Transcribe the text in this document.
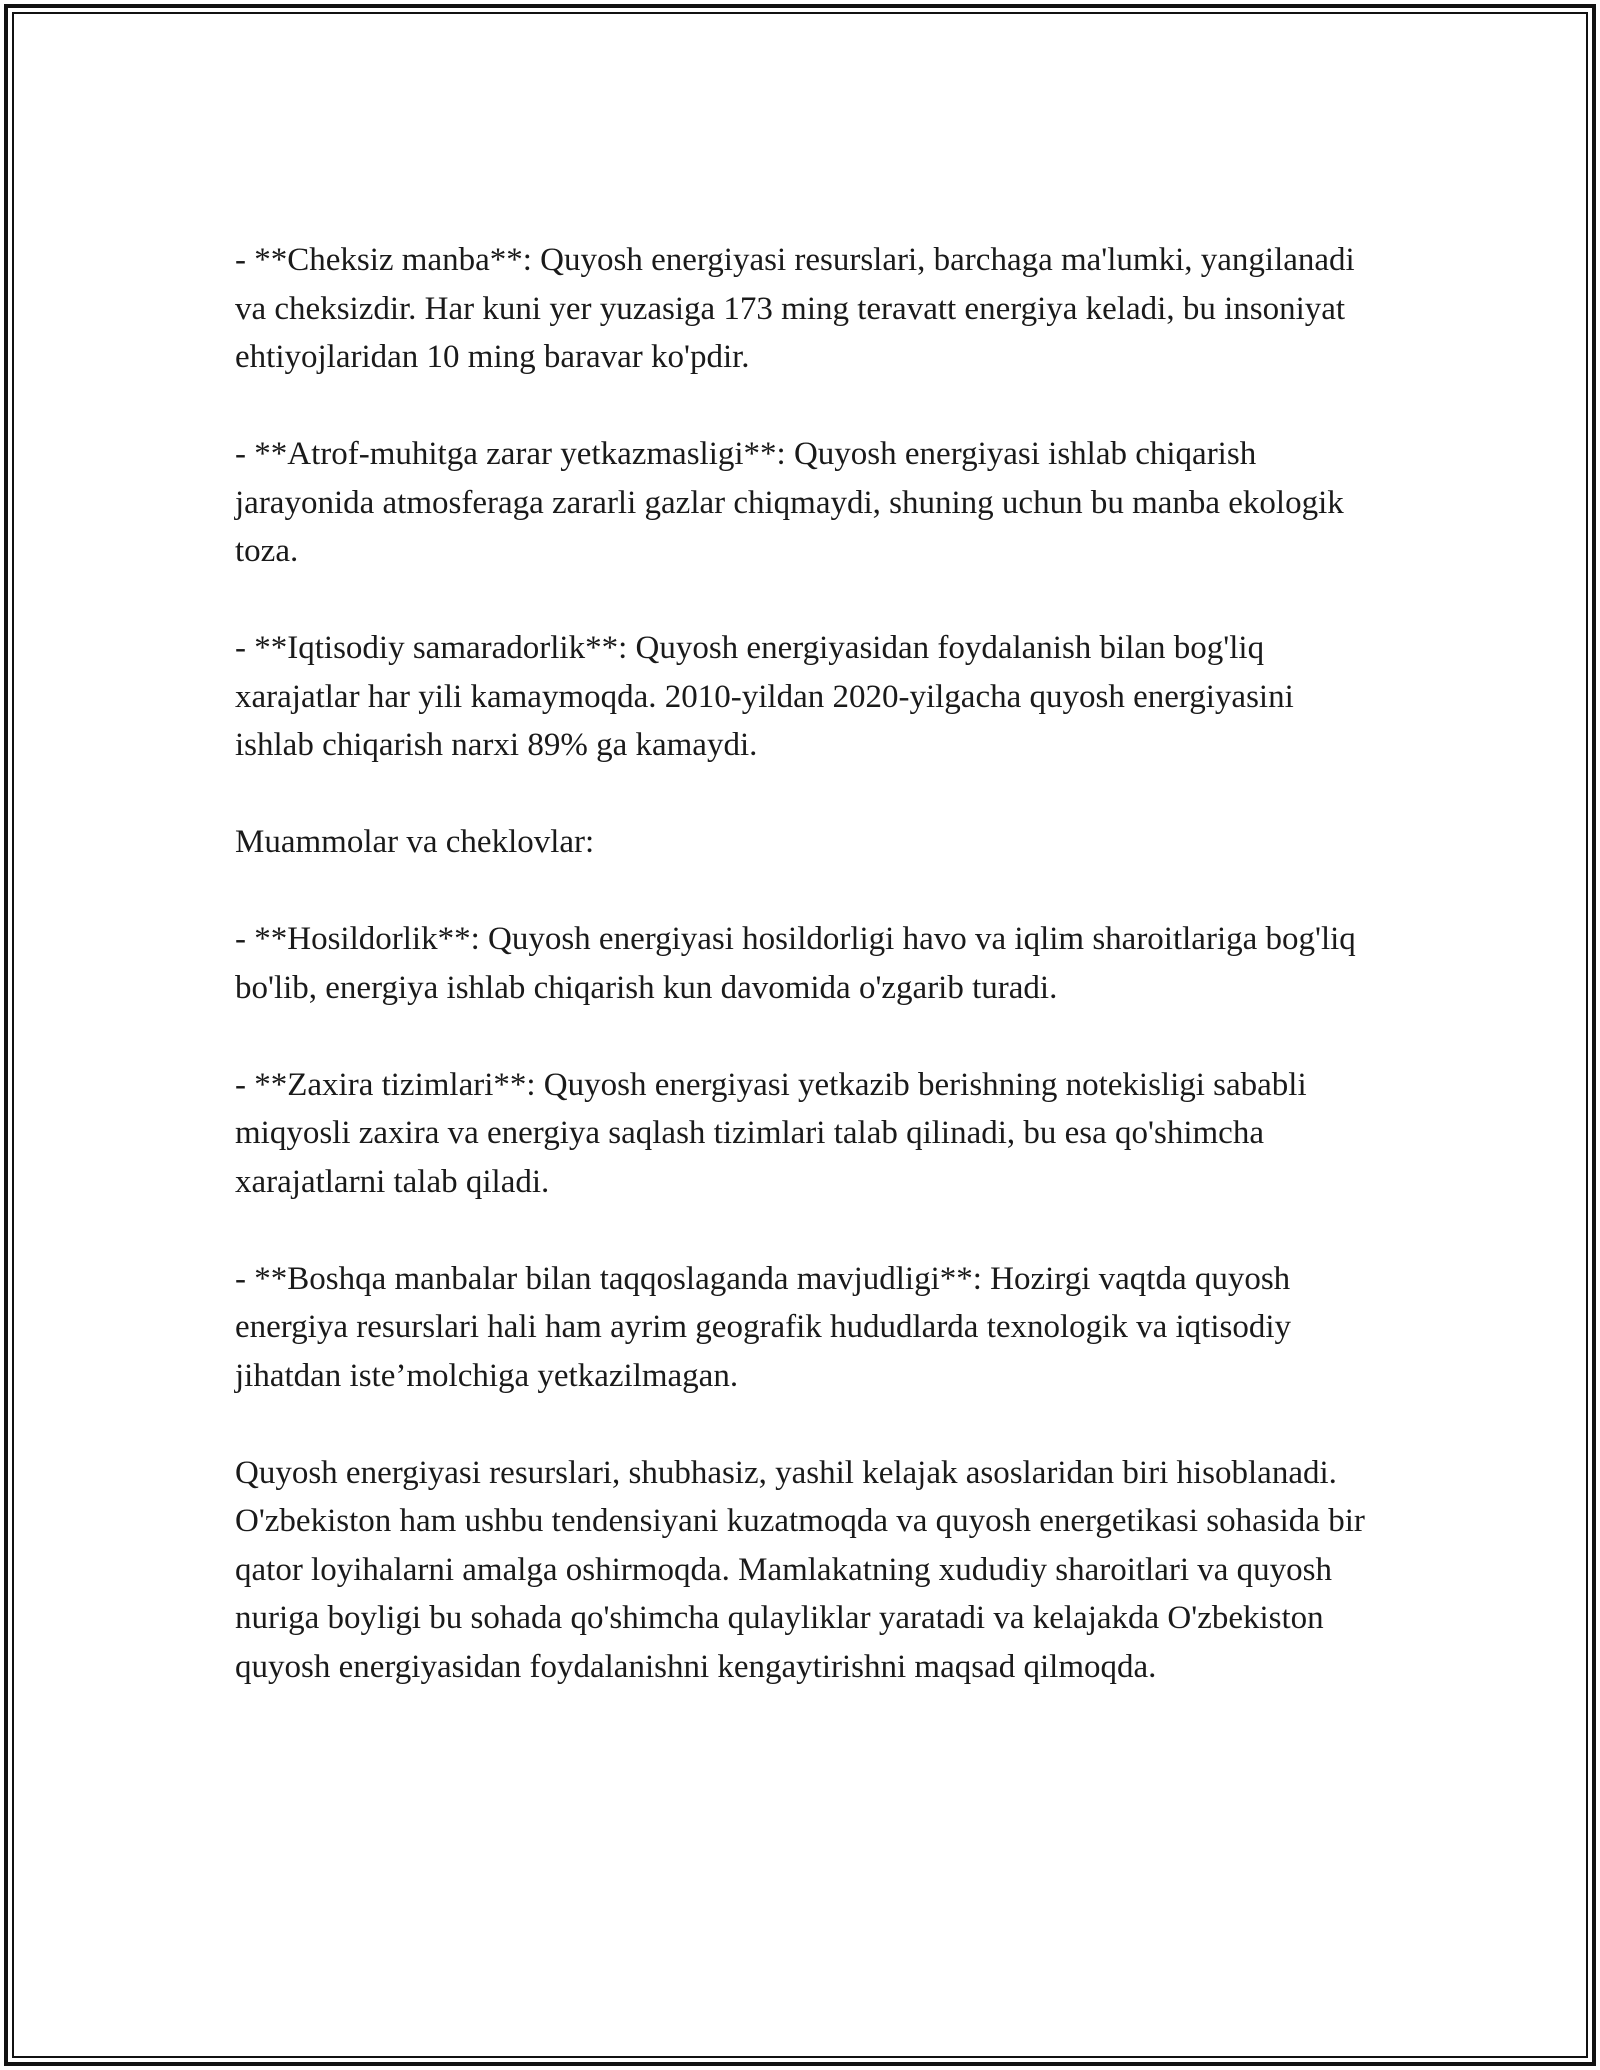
- **Cheksiz manba**: Quyosh energiyasi resurslari, barchaga ma'lumki, yangilanadi va cheksizdir. Har kuni yer yuzasiga 173 ming teravatt energiya keladi, bu insoniyat ehtiyojlaridan 10 ming baravar ko'pdir.

- **Atrof-muhitga zarar yetkazmasligi**: Quyosh energiyasi ishlab chiqarish jarayonida atmosferaga zararli gazlar chiqmaydi, shuning uchun bu manba ekologik toza.

- **Iqtisodiy samaradorlik**: Quyosh energiyasidan foydalanish bilan bog'liq xarajatlar har yili kamaymoqda. 2010-yildan 2020-yilgacha quyosh energiyasini ishlab chiqarish narxi 89% ga kamaydi.

Muammolar va cheklovlar:

- **Hosildorlik**: Quyosh energiyasi hosildorligi havo va iqlim sharoitlariga bog'liq bo'lib, energiya ishlab chiqarish kun davomida o'zgarib turadi.

- **Zaxira tizimlari**: Quyosh energiyasi yetkazib berishning notekisligi sababli miqyosli zaxira va energiya saqlash tizimlari talab qilinadi, bu esa qo'shimcha xarajatlarni talab qiladi.

- **Boshqa manbalar bilan taqqoslaganda mavjudligi**: Hozirgi vaqtda quyosh energiya resurslari hali ham ayrim geografik hududlarda texnologik va iqtisodiy jihatdan iste’molchiga yetkazilmagan.

Quyosh energiyasi resurslari, shubhasiz, yashil kelajak asoslaridan biri hisoblanadi. O'zbekiston ham ushbu tendensiyani kuzatmoqda va quyosh energetikasi sohasida bir qator loyihalarni amalga oshirmoqda. Mamlakatning xududiy sharoitlari va quyosh nuriga boyligi bu sohada qo'shimcha qulayliklar yaratadi va kelajakda O'zbekiston quyosh energiyasidan foydalanishni kengaytirishni maqsad qilmoqda.
